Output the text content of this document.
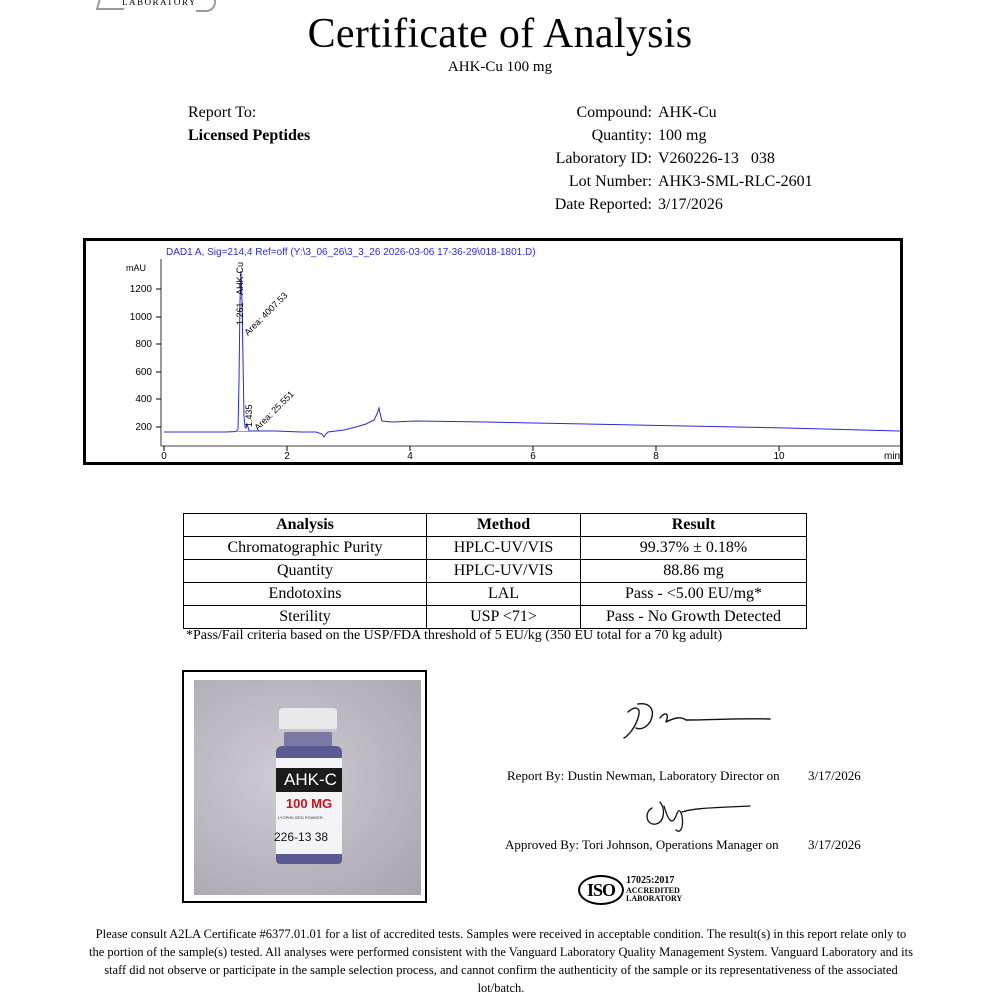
LABORATORY
Certificate of Analysis
AHK-Cu 100 mg
Report To:
Licensed Peptides
Compound: AHK-Cu
Quantity: 100 mg
Laboratory ID: V260226-13   038
Lot Number: AHK3-SML-RLC-2601
Date Reported: 3/17/2026
DAD1 A, Sig=214,4 Ref=off (Y:\3_06_26\3_3_26 2026-03-06 17-36-29\018-1801.D)
mAU
200
400
600
800
1000
1200
0	2	4	6	8	10	min
1.261 - AHK-Cu
Area: 4007.53
1.435
Area: 25.551
Analysis	Method	Result
Chromatographic Purity	HPLC-UV/VIS	99.37% ± 0.18%
Quantity	HPLC-UV/VIS	88.86 mg
Endotoxins	LAL	Pass - <5.00 EU/mg*
Sterility	USP <71>	Pass - No Growth Detected
*Pass/Fail criteria based on the USP/FDA threshold of 5 EU/kg (350 EU total for a 70 kg adult)
AHK-C
100 MG
LYOPHILIZED POWDER
226-13 38
Report By: Dustin Newman, Laboratory Director on 3/17/2026
Approved By: Tori Johnson, Operations Manager on 3/17/2026
ISO	17025:2017
ACCREDITED
LABORATORY
Please consult A2LA Certificate #6377.01.01 for a list of accredited tests. Samples were received in acceptable condition. The result(s) in this report relate only to the portion of the sample(s) tested. All analyses were performed consistent with the Vanguard Laboratory Quality Management System. Vanguard Laboratory and its staff did not observe or participate in the sample selection process, and cannot confirm the authenticity of the sample or its representativeness of the associated lot/batch.
